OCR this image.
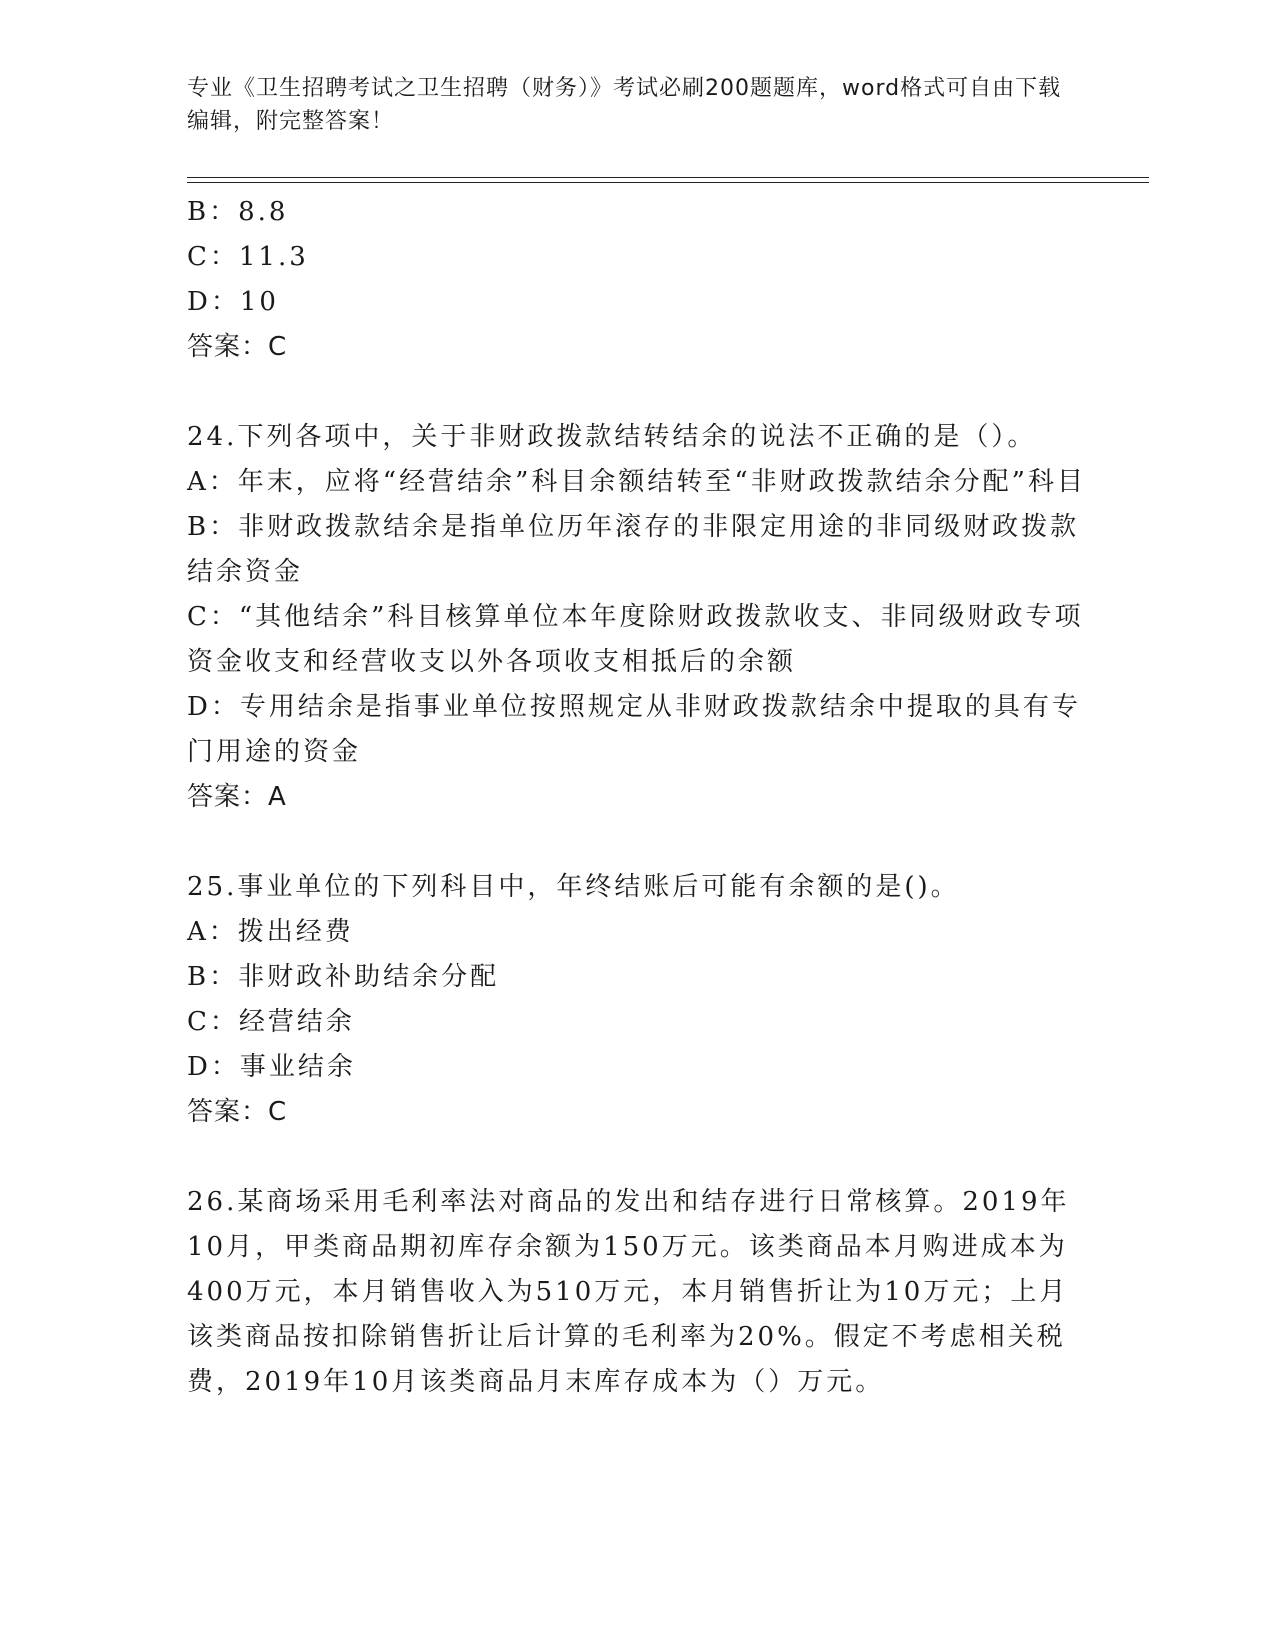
专业《卫生招聘考试之卫生招聘（财务）》考试必刷200题题库，word格式可自由下载编辑，附完整答案！

B：8.8

C：11.3

D：10

答案：C

24.下列各项中，关于非财政拨款结转结余的说法不正确的是（）。

A：年末，应将“经营结余”科目余额结转至“非财政拨款结余分配”科目

B：非财政拨款结余是指单位历年滚存的非限定用途的非同级财政拨款结余资金

C：“其他结余”科目核算单位本年度除财政拨款收支、非同级财政专项资金收支和经营收支以外各项收支相抵后的余额

D：专用结余是指事业单位按照规定从非财政拨款结余中提取的具有专门用途的资金

答案：A

25.事业单位的下列科目中，年终结账后可能有余额的是()。

A：拨出经费

B：非财政补助结余分配

C：经营结余

D：事业结余

答案：C

26.某商场采用毛利率法对商品的发出和结存进行日常核算。2019年10月，甲类商品期初库存余额为150万元。该类商品本月购进成本为400万元，本月销售收入为510万元，本月销售折让为10万元；上月该类商品按扣除销售折让后计算的毛利率为20%。假定不考虑相关税费，2019年10月该类商品月末库存成本为（）万元。
